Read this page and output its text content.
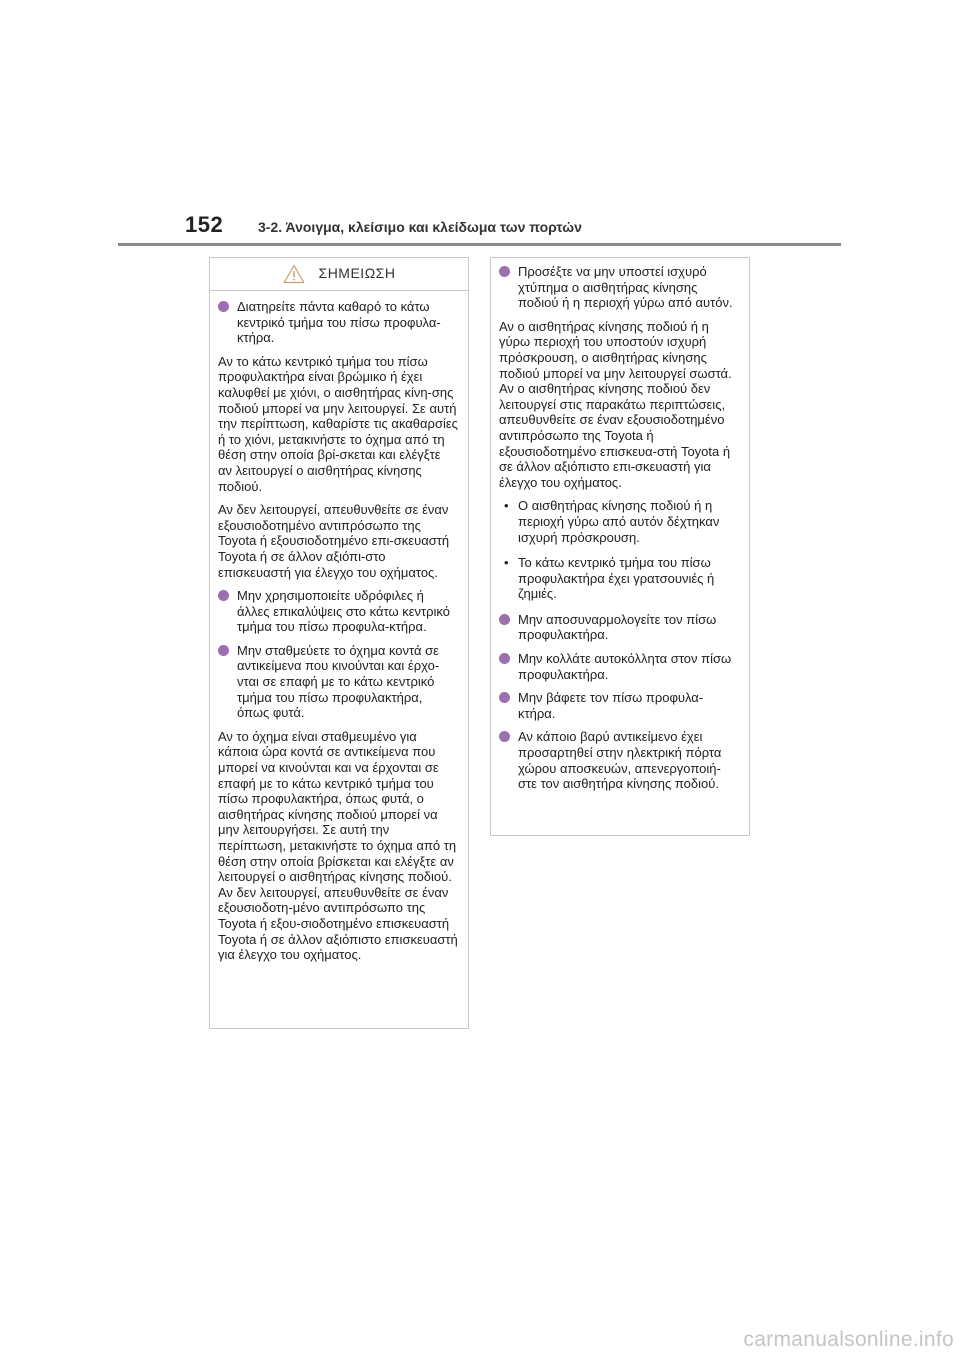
152 3-2. Άνοιγμα, κλείσιμο και κλείδωμα των πορτών
ΣΗΜΕΙΩΣΗ
Διατηρείτε πάντα καθαρό το κάτω κεντρικό τμήμα του πίσω προφυλα-κτήρα.
Αν το κάτω κεντρικό τμήμα του πίσω προφυλακτήρα είναι βρώμικο ή έχει καλυφθεί με χιόνι, ο αισθητήρας κίνη-σης ποδιού μπορεί να μην λειτουργεί. Σε αυτή την περίπτωση, καθαρίστε τις ακαθαρσίες ή το χιόνι, μετακινήστε το όχημα από τη θέση στην οποία βρί-σκεται και ελέγξτε αν λειτουργεί ο αισθητήρας κίνησης ποδιού.
Αν δεν λειτουργεί, απευθυνθείτε σε έναν εξουσιοδοτημένο αντιπρόσωπο της Toyota ή εξουσιοδοτημένο επι-σκευαστή Toyota ή σε άλλον αξιόπι-στο επισκευαστή για έλεγχο του οχήματος.
Μην χρησιμοποιείτε υδρόφιλες ή άλλες επικαλύψεις στο κάτω κεντρικό τμήμα του πίσω προφυλα-κτήρα.
Μην σταθμεύετε το όχημα κοντά σε αντικείμενα που κινούνται και έρχο-νται σε επαφή με το κάτω κεντρικό τμήμα του πίσω προφυλακτήρα, όπως φυτά.
Αν το όχημα είναι σταθμευμένο για κάποια ώρα κοντά σε αντικείμενα που μπορεί να κινούνται και να έρχονται σε επαφή με το κάτω κεντρικό τμήμα του πίσω προφυλακτήρα, όπως φυτά, ο αισθητήρας κίνησης ποδιού μπορεί να μην λειτουργήσει. Σε αυτή την περίπτωση, μετακινήστε το όχημα από τη θέση στην οποία βρίσκεται και ελέγξτε αν λειτουργεί ο αισθητήρας κίνησης ποδιού. Αν δεν λειτουργεί, απευθυνθείτε σε έναν εξουσιοδοτη-μένο αντιπρόσωπο της Toyota ή εξου-σιοδοτημένο επισκευαστή Toyota ή σε άλλον αξιόπιστο επισκευαστή για έλεγχο του οχήματος.
Προσέξτε να μην υποστεί ισχυρό χτύπημα ο αισθητήρας κίνησης ποδιού ή η περιοχή γύρω από αυτόν.
Αν ο αισθητήρας κίνησης ποδιού ή η γύρω περιοχή του υποστούν ισχυρή πρόσκρουση, ο αισθητήρας κίνησης ποδιού μπορεί να μην λειτουργεί σωστά. Αν ο αισθητήρας κίνησης ποδιού δεν λειτουργεί στις παρακάτω περιπτώσεις, απευθυνθείτε σε έναν εξουσιοδοτημένο αντιπρόσωπο της Toyota ή εξουσιοδοτημένο επισκευα-στή Toyota ή σε άλλον αξιόπιστο επι-σκευαστή για έλεγχο του οχήματος.
• Ο αισθητήρας κίνησης ποδιού ή η περιοχή γύρω από αυτόν δέχτηκαν ισχυρή πρόσκρουση.
• Το κάτω κεντρικό τμήμα του πίσω προφυλακτήρα έχει γρατσουνιές ή ζημιές.
Μην αποσυναρμολογείτε τον πίσω προφυλακτήρα.
Μην κολλάτε αυτοκόλλητα στον πίσω προφυλακτήρα.
Μην βάφετε τον πίσω προφυλα-κτήρα.
Αν κάποιο βαρύ αντικείμενο έχει προσαρτηθεί στην ηλεκτρική πόρτα χώρου αποσκευών, απενεργοποιή-στε τον αισθητήρα κίνησης ποδιού.
carmanualsonline.info
